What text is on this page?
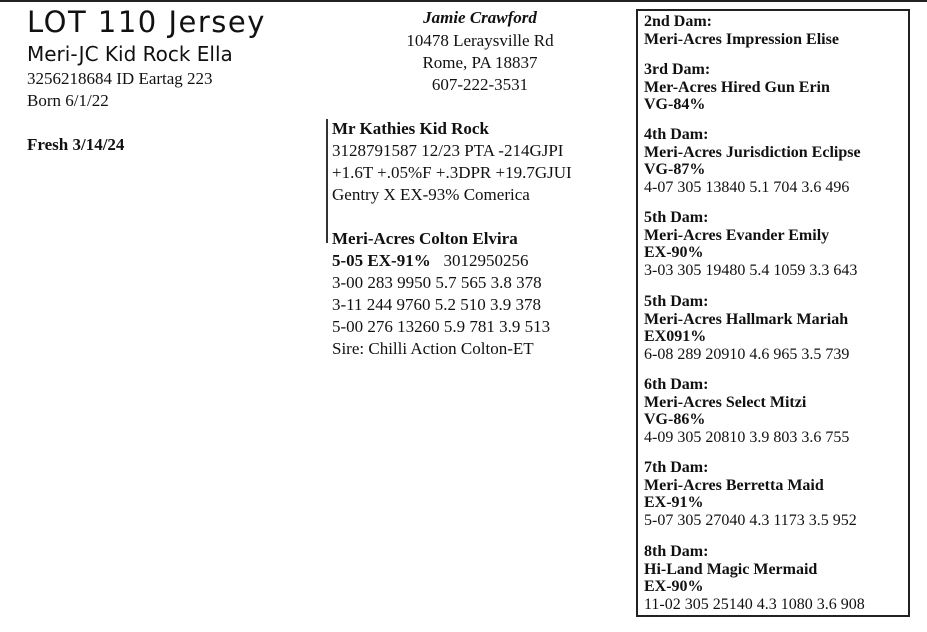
LOT 110 Jersey
Meri-JC Kid Rock Ella
3256218684 ID Eartag 223
Born 6/1/22
Fresh 3/14/24
Jamie Crawford
10478 Leraysville Rd
Rome, PA 18837
607-222-3531
Mr Kathies Kid Rock
3128791587 12/23 PTA -214GJPI
+1.6T +.05%F +.3DPR +19.7GJUI
Gentry X EX-93% Comerica
Meri-Acres Colton Elvira
5-05 EX-91% 3012950256
3-00 283 9950 5.7 565 3.8 378
3-11 244 9760 5.2 510 3.9 378
5-00 276 13260 5.9 781 3.9 513
Sire: Chilli Action Colton-ET
2nd Dam:
Meri-Acres Impression Elise
3rd Dam:
Mer-Acres Hired Gun Erin
VG-84%
4th Dam:
Meri-Acres Jurisdiction Eclipse
VG-87%
4-07 305 13840 5.1 704 3.6 496
5th Dam:
Meri-Acres Evander Emily
EX-90%
3-03 305 19480 5.4 1059 3.3 643
5th Dam:
Meri-Acres Hallmark Mariah
EX091%
6-08 289 20910 4.6 965 3.5 739
6th Dam:
Meri-Acres Select Mitzi
VG-86%
4-09 305 20810 3.9 803 3.6 755
7th Dam:
Meri-Acres Berretta Maid
EX-91%
5-07 305 27040 4.3 1173 3.5 952
8th Dam:
Hi-Land Magic Mermaid
EX-90%
11-02 305 25140 4.3 1080 3.6 908
